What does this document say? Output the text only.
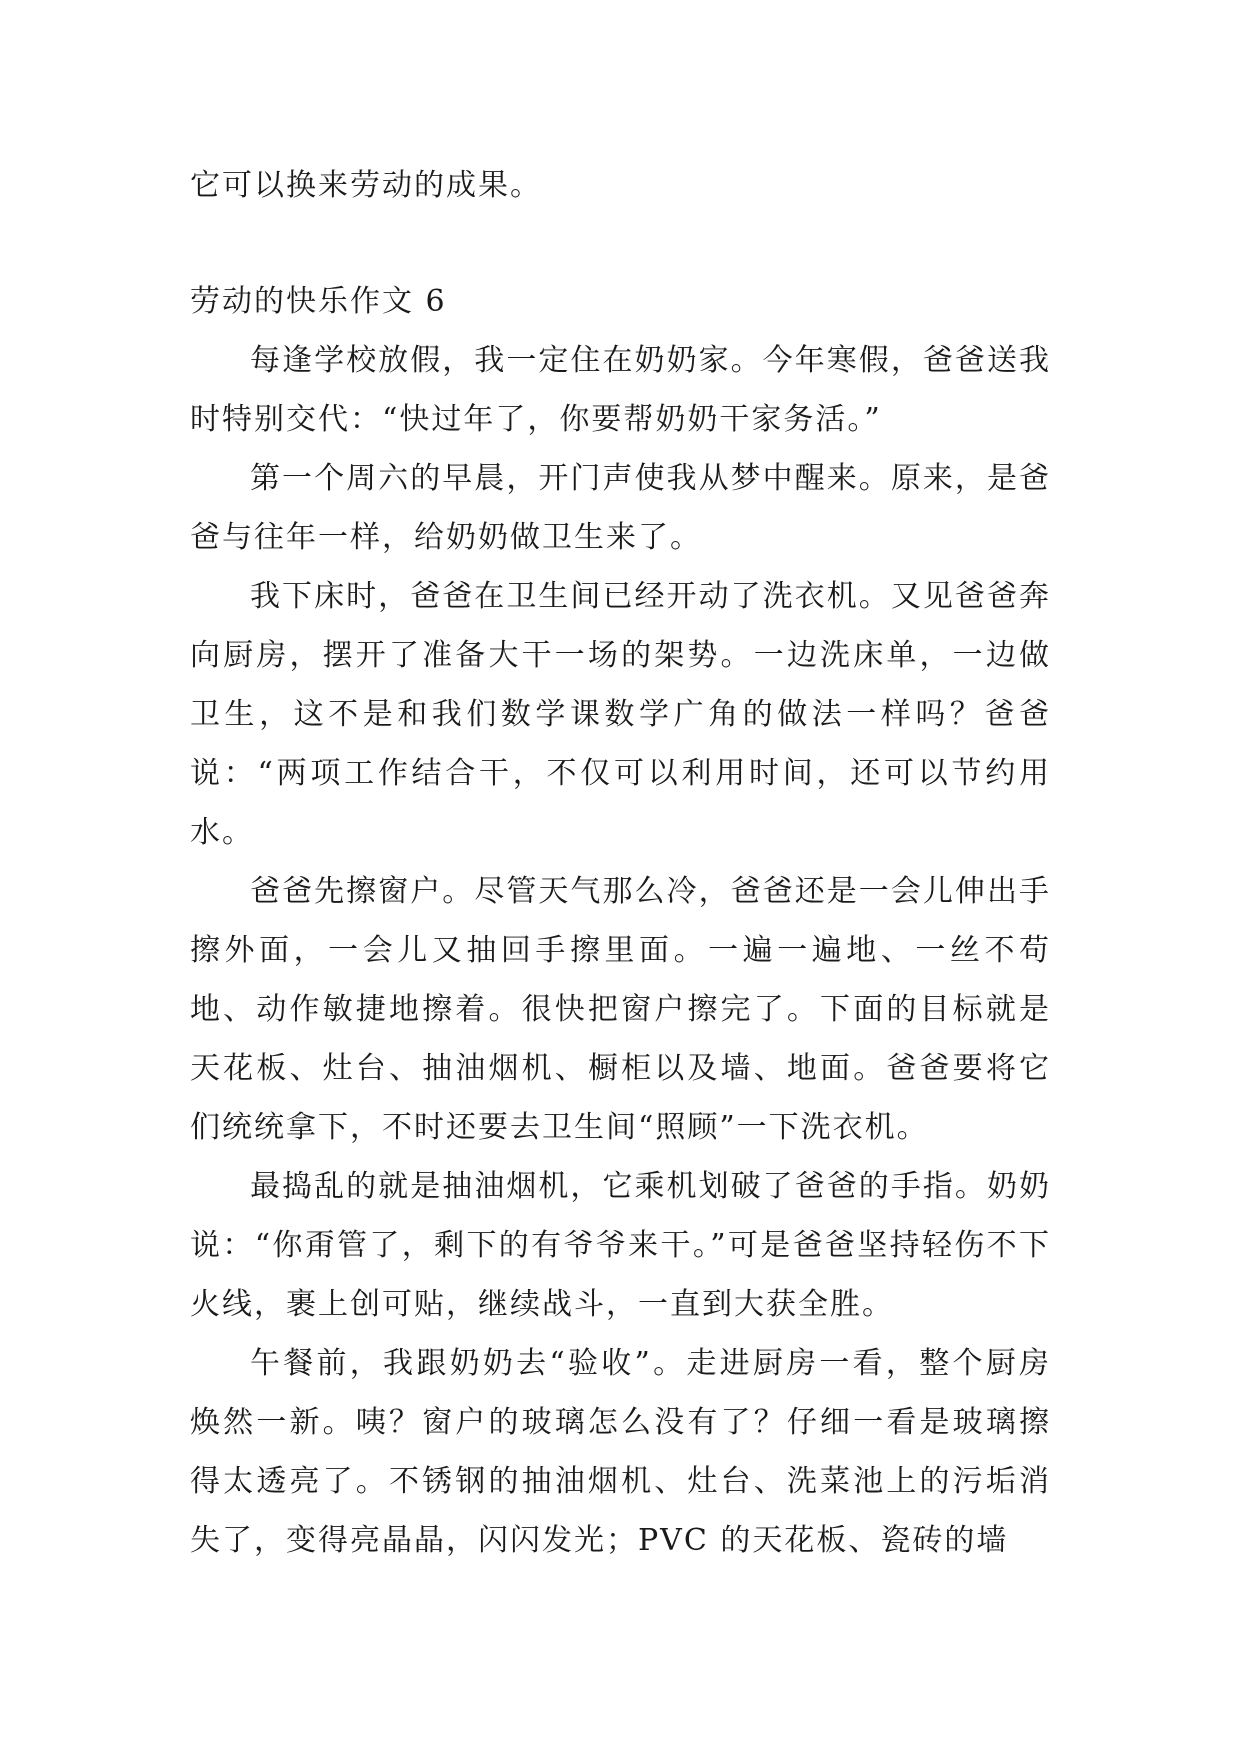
它可以换来劳动的成果。

劳动的快乐作文 6

每逢学校放假，我一定住在奶奶家。今年寒假，爸爸送我时特别交代：“快过年了，你要帮奶奶干家务活。”

第一个周六的早晨，开门声使我从梦中醒来。原来，是爸爸与往年一样，给奶奶做卫生来了。

我下床时，爸爸在卫生间已经开动了洗衣机。又见爸爸奔向厨房，摆开了准备大干一场的架势。一边洗床单，一边做卫生，这不是和我们数学课数学广角的做法一样吗？爸爸说：“两项工作结合干，不仅可以利用时间，还可以节约用水。

爸爸先擦窗户。尽管天气那么冷，爸爸还是一会儿伸出手擦外面，一会儿又抽回手擦里面。一遍一遍地、一丝不苟地、动作敏捷地擦着。很快把窗户擦完了。下面的目标就是天花板、灶台、抽油烟机、橱柜以及墙、地面。爸爸要将它们统统拿下，不时还要去卫生间“照顾”一下洗衣机。

最捣乱的就是抽油烟机，它乘机划破了爸爸的手指。奶奶说：“你甭管了，剩下的有爷爷来干。”可是爸爸坚持轻伤不下火线，裹上创可贴，继续战斗，一直到大获全胜。

午餐前，我跟奶奶去“验收”。走进厨房一看，整个厨房焕然一新。咦？窗户的玻璃怎么没有了？仔细一看是玻璃擦得太透亮了。不锈钢的抽油烟机、灶台、洗菜池上的污垢消失了，变得亮晶晶，闪闪发光；PVC 的天花板、瓷砖的墙
